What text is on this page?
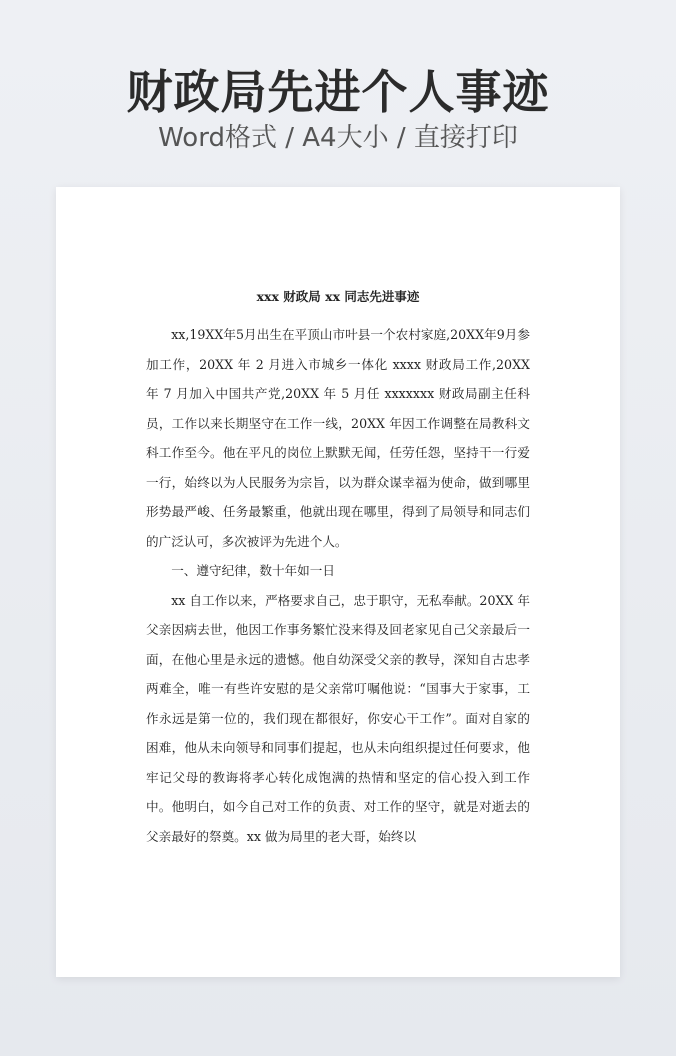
财政局先进个人事迹
Word格式 / A4大小 / 直接打印
xxx 财政局 xx 同志先进事迹

xx,19XX年5月出生在平顶山市叶县一个农村家庭,20XX年9月参加工作，20XX 年 2 月进入市城乡一体化 xxxx 财政局工作,20XX 年 7 月加入中国共产党,20XX 年 5 月任 xxxxxxx 财政局副主任科员，工作以来长期坚守在工作一线，20XX 年因工作调整在局教科文科工作至今。他在平凡的岗位上默默无闻，任劳任怨，坚持干一行爱一行，始终以为人民服务为宗旨，以为群众谋幸福为使命，做到哪里形势最严峻、任务最繁重，他就出现在哪里，得到了局领导和同志们的广泛认可，多次被评为先进个人。

一、遵守纪律，数十年如一日

xx 自工作以来，严格要求自己，忠于职守，无私奉献。20XX 年父亲因病去世，他因工作事务繁忙没来得及回老家见自己父亲最后一面，在他心里是永远的遗憾。他自幼深受父亲的教导，深知自古忠孝两难全，唯一有些许安慰的是父亲常叮嘱他说：“国事大于家事，工作永远是第一位的，我们现在都很好，你安心干工作”。面对自家的困难，他从未向领导和同事们提起，也从未向组织提过任何要求，他牢记父母的教诲将孝心转化成饱满的热情和坚定的信心投入到工作中。他明白，如今自己对工作的负责、对工作的坚守，就是对逝去的父亲最好的祭奠。xx 做为局里的老大哥，始终以
